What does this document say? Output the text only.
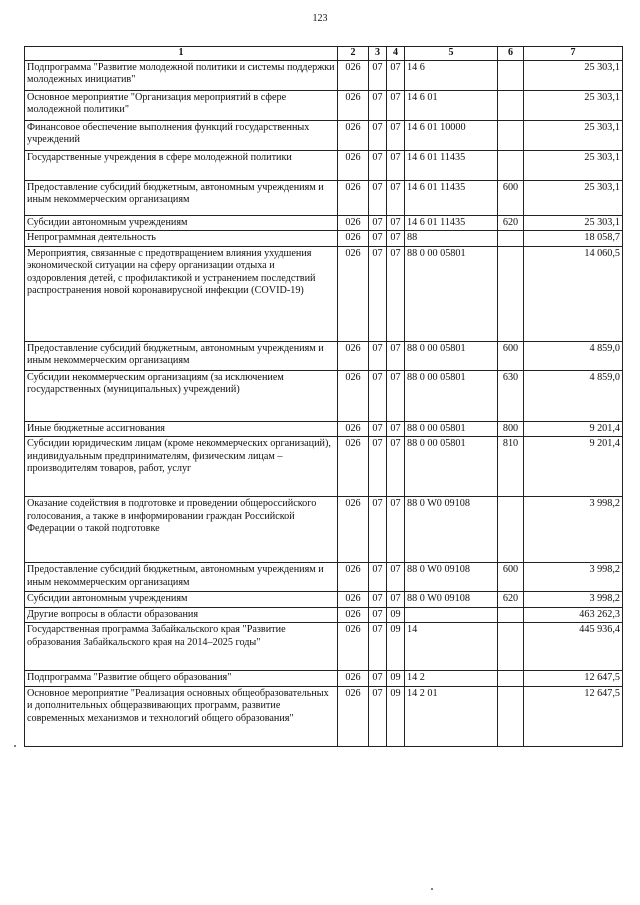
123
1	2	3	4	5	6	7
Подпрограмма "Развитие молодежной политики и системы поддержки молодежных инициатив"	026	07	07	14 6		25 303,1
Основное мероприятие "Организация мероприятий в сфере молодежной политики"	026	07	07	14 6 01		25 303,1
Финансовое обеспечение выполнения функций государственных учреждений	026	07	07	14 6 01 10000		25 303,1
Государственные учреждения в сфере молодежной политики	026	07	07	14 6 01 11435		25 303,1
Предоставление субсидий бюджетным, автономным учреждениям и иным некоммерческим организациям	026	07	07	14 6 01 11435	600	25 303,1
Субсидии автономным учреждениям	026	07	07	14 6 01 11435	620	25 303,1
Непрограммная деятельность	026	07	07	88		18 058,7
Мероприятия, связанные с предотвращением влияния ухудшения экономической ситуации на сферу организации отдыха и оздоровления детей, с профилактикой и устранением последствий распространения новой коронавирусной инфекции (COVID-19)	026	07	07	88 0 00 05801		14 060,5
Предоставление субсидий бюджетным, автономным учреждениям и иным некоммерческим организациям	026	07	07	88 0 00 05801	600	4 859,0
Субсидии некоммерческим организациям (за исключением государственных (муниципальных) учреждений)	026	07	07	88 0 00 05801	630	4 859,0
Иные бюджетные ассигнования	026	07	07	88 0 00 05801	800	9 201,4
Субсидии юридическим лицам (кроме некоммерческих организаций), индивидуальным предпринимателям, физическим лицам – производителям товаров, работ, услуг	026	07	07	88 0 00 05801	810	9 201,4
Оказание содействия в подготовке и проведении общероссийского голосования, а также в информировании граждан Российской Федерации о такой подготовке	026	07	07	88 0 W0 09108		3 998,2
Предоставление субсидий бюджетным, автономным учреждениям и иным некоммерческим организациям	026	07	07	88 0 W0 09108	600	3 998,2
Субсидии автономным учреждениям	026	07	07	88 0 W0 09108	620	3 998,2
Другие вопросы в области образования	026	07	09			463 262,3
Государственная программа Забайкальского края "Развитие образования Забайкальского края на 2014–2025 годы"	026	07	09	14		445 936,4
Подпрограмма "Развитие общего образования"	026	07	09	14 2		12 647,5
Основное мероприятие "Реализация основных общеобразовательных и дополнительных общеразвивающих программ, развитие современных механизмов и технологий общего образования"	026	07	09	14 2 01		12 647,5
